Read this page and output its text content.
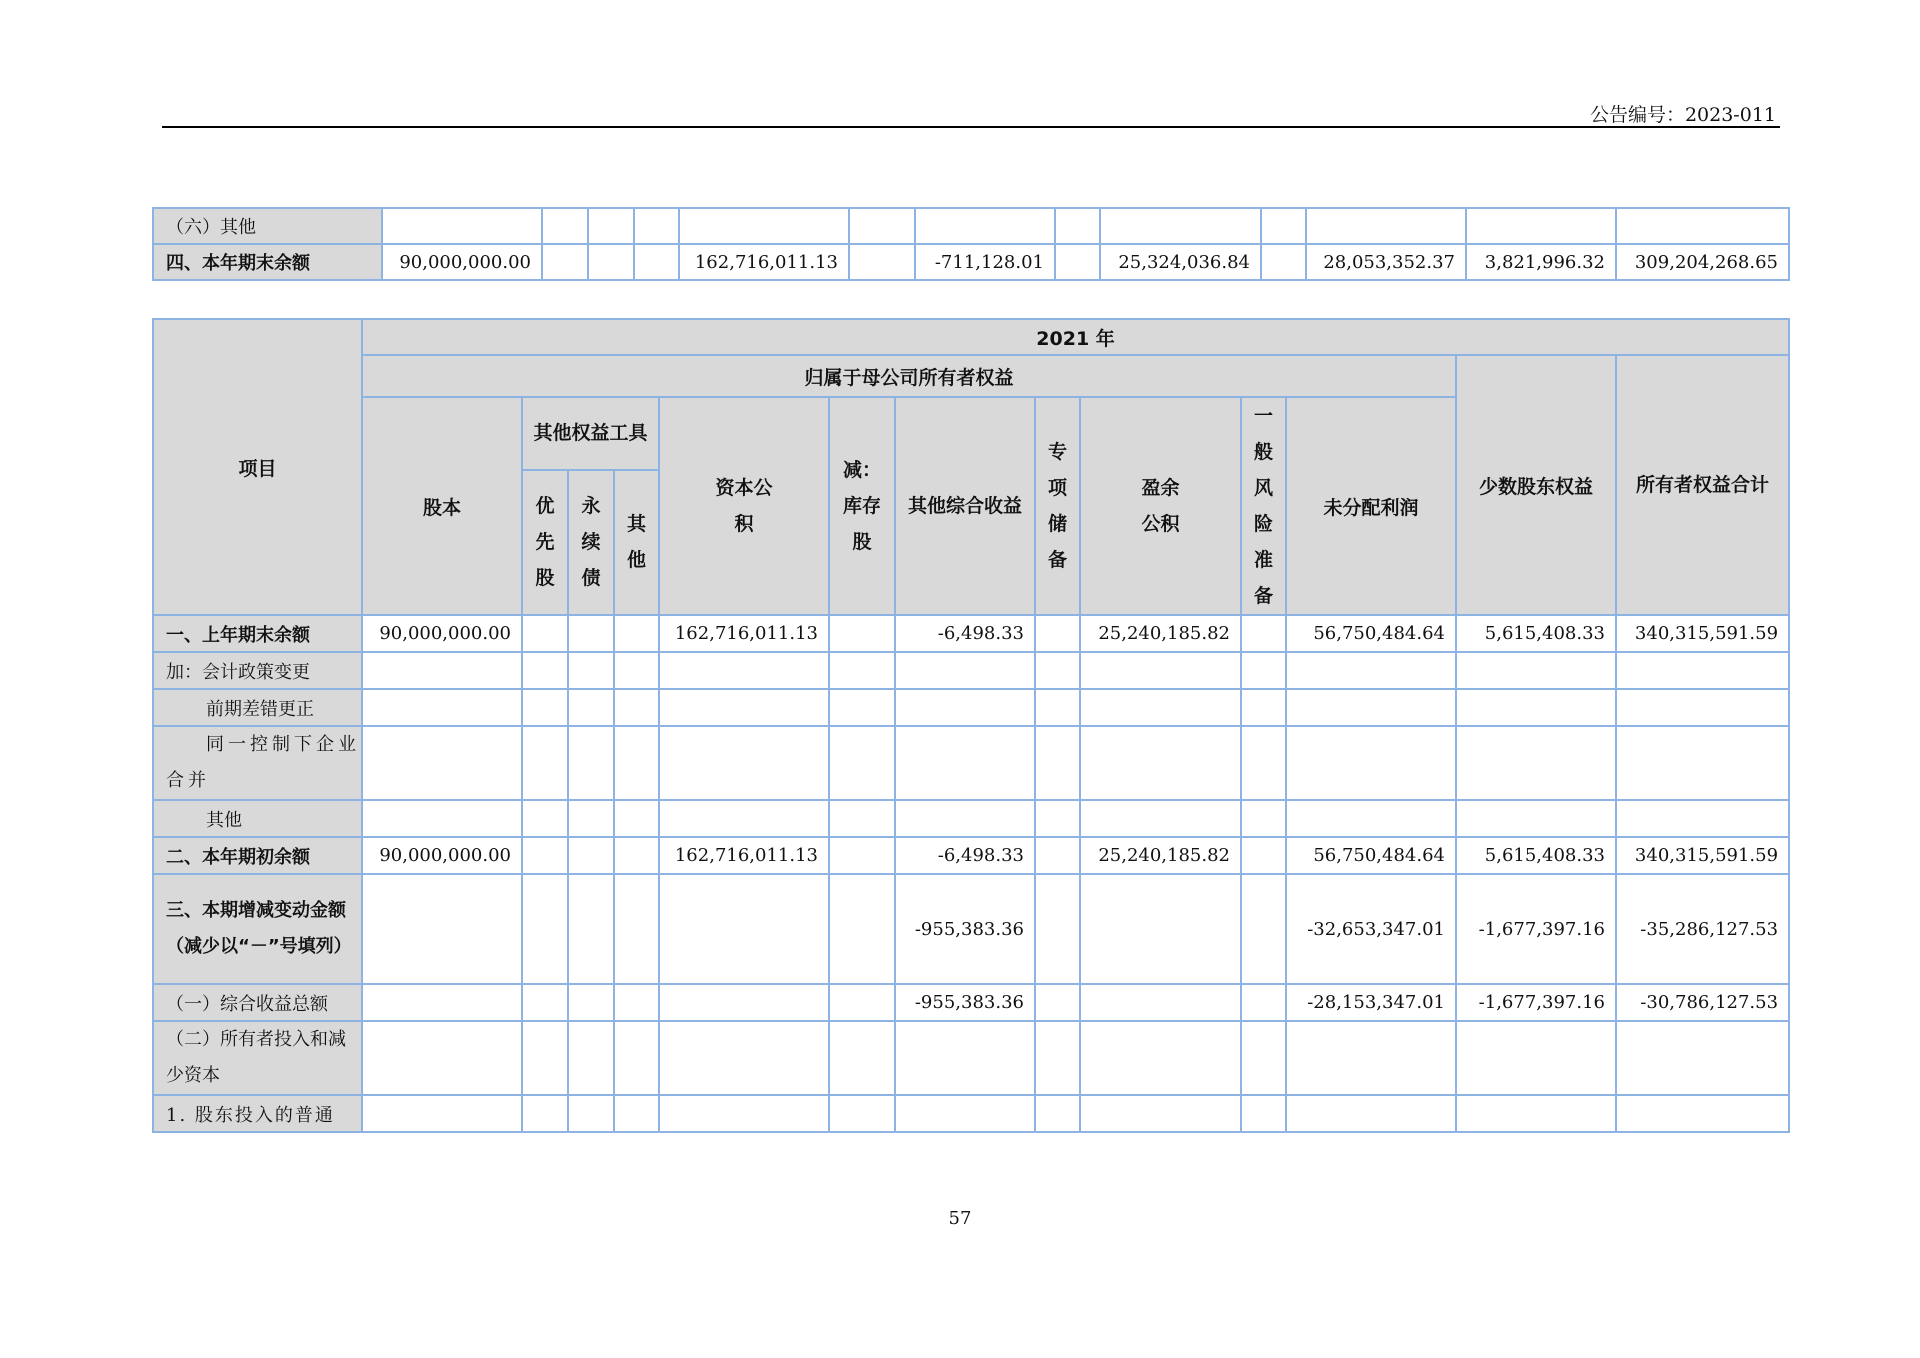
公告编号：2023-011
（六）其他													
四、本年期末余额	90,000,000.00				162,716,011.13		-711,128.01		25,324,036.84		28,053,352.37	3,821,996.32	309,204,268.65
项目	2021 年												
	归属于母公司所有者权益											少数股东权益	所有者权益合计
	股本	其他权益工具			资本公积	减：库存股	其他综合收益	专项储备	盈余公积	一般风险准备	未分配利润		
		优先股	永续债	其他									
一、上年期末余额	90,000,000.00				162,716,011.13		-6,498.33		25,240,185.82		56,750,484.64	5,615,408.33	340,315,591.59
加：会计政策变更													
前期差错更正													
同一控制下企业合并													
其他													
二、本年期初余额	90,000,000.00				162,716,011.13		-6,498.33		25,240,185.82		56,750,484.64	5,615,408.33	340,315,591.59
三、本期增减变动金额（减少以“－”号填列）							-955,383.36				-32,653,347.01	-1,677,397.16	-35,286,127.53
（一）综合收益总额							-955,383.36				-28,153,347.01	-1,677,397.16	-30,786,127.53
（二）所有者投入和减少资本													
1. 股东投入的普通													
57
